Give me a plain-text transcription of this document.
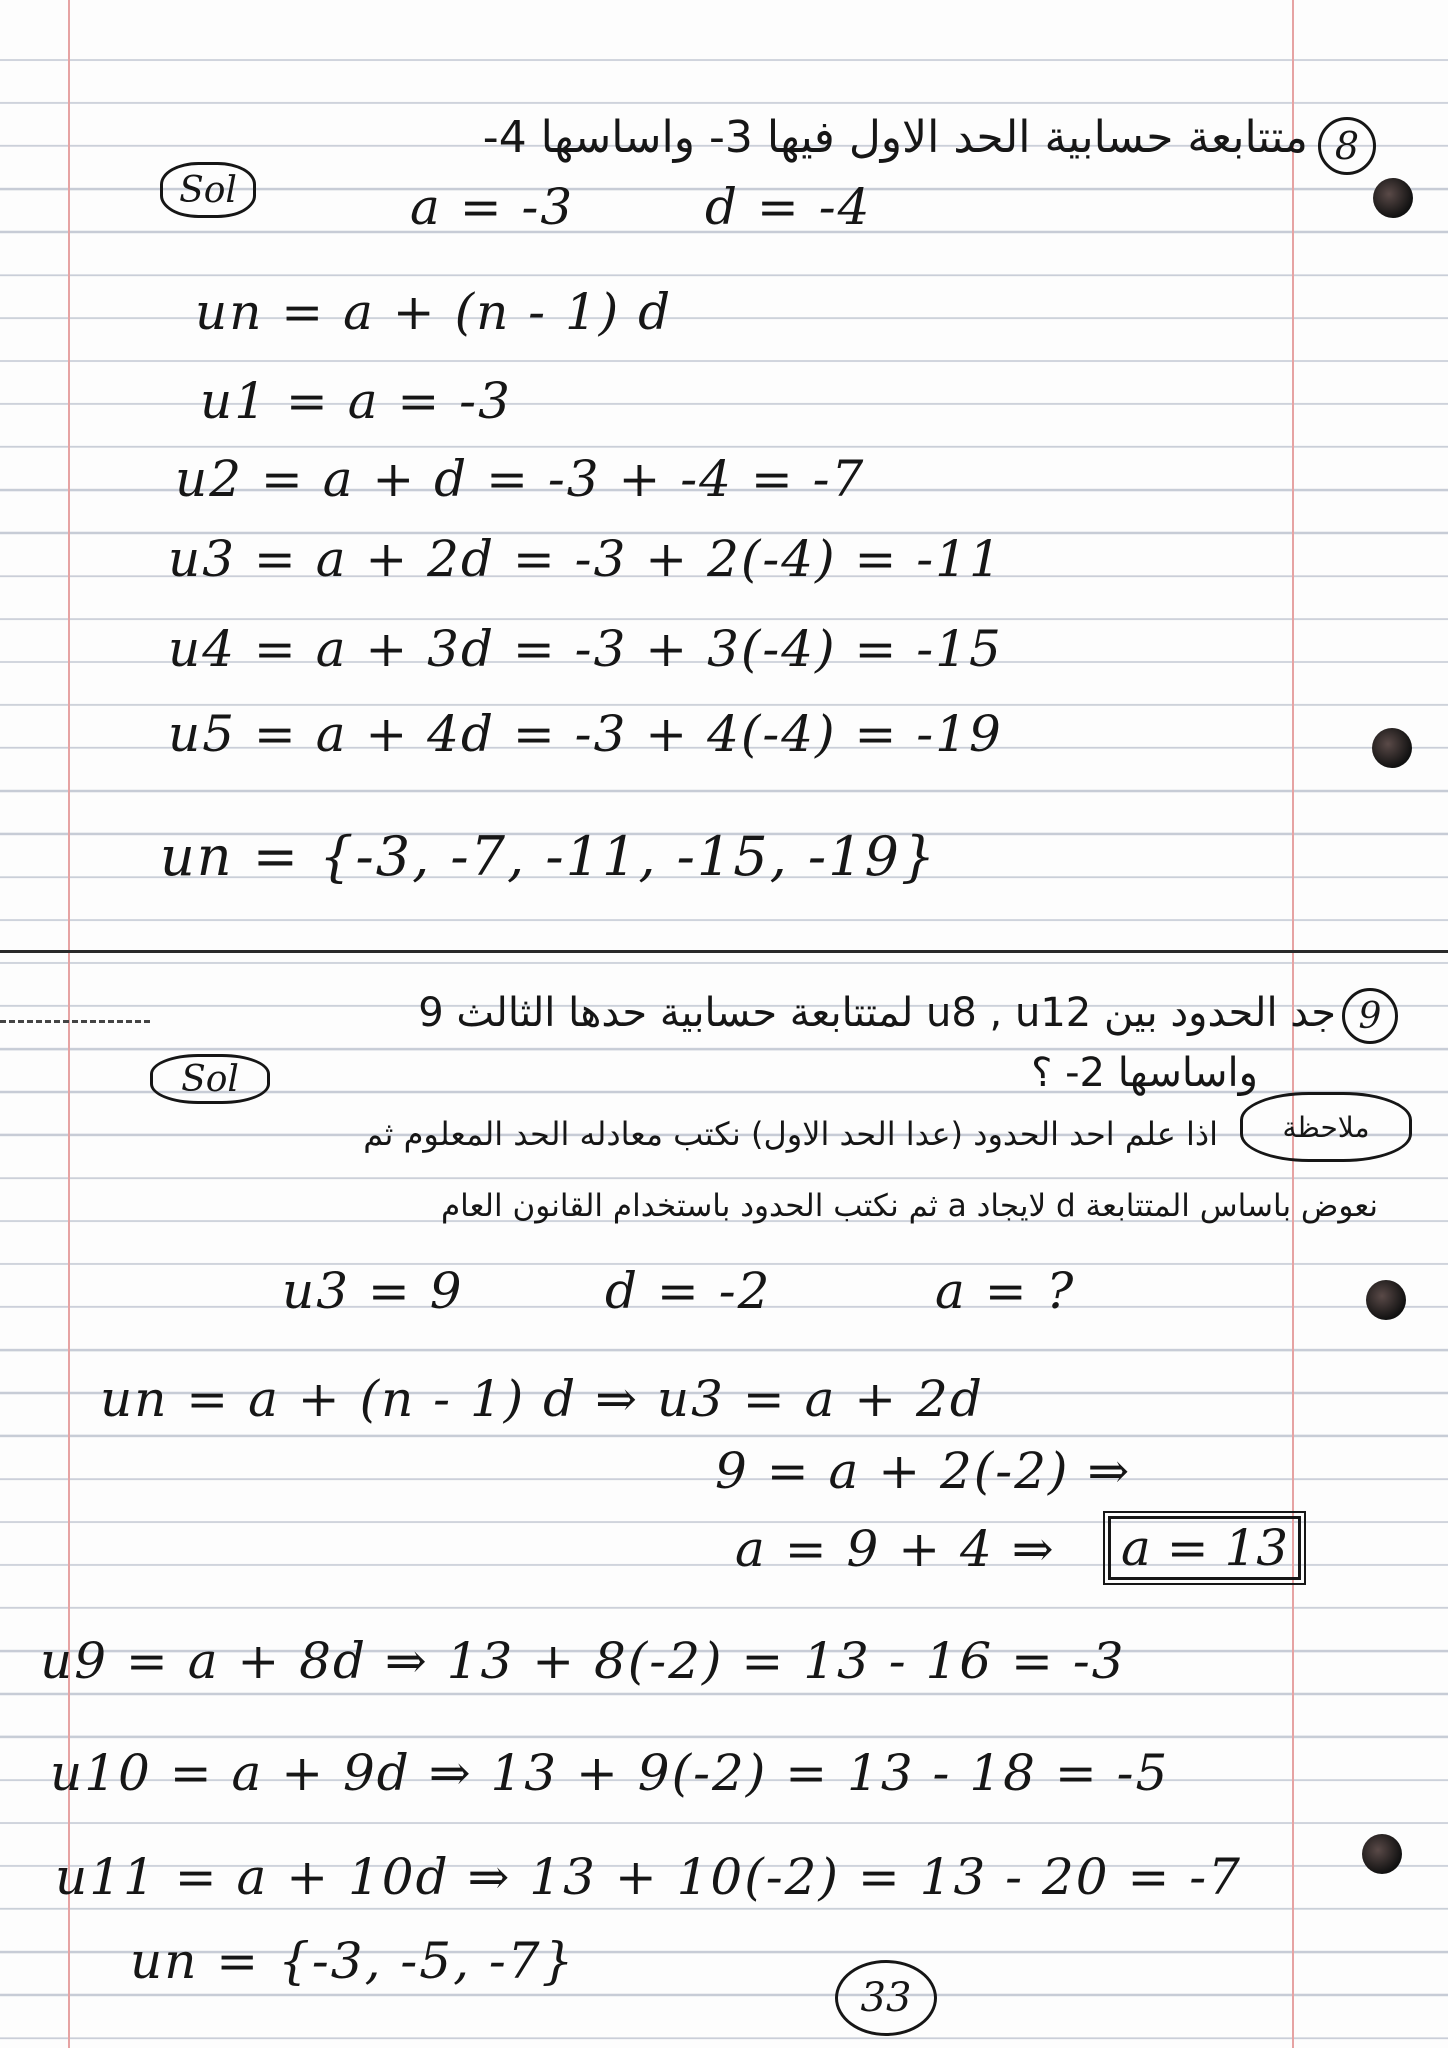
8
متتابعة حسابية الحد الاول فيها 3- واساسها 4-
Sol	a = -3	d = -4
un = a + (n - 1) d
u1 = a = -3
u2 = a + d = -3 + -4 = -7
u3 = a + 2d = -3 + 2(-4) = -11
u4 = a + 3d = -3 + 3(-4) = -15
u5 = a + 4d = -3 + 4(-4) = -19
un = {-3, -7, -11, -15, -19}
9
جد الحدود بين u8 , u12 لمتتابعة حسابية حدها الثالث 9
واساسها 2- ؟
Sol
ملاحظة
اذا علم احد الحدود (عدا الحد الاول) نكتب معادله الحد المعلوم ثم
نعوض باساس المتتابعة d لايجاد a ثم نكتب الحدود باستخدام القانون العام
u3 = 9	d = -2	a = ?
un = a + (n - 1) d ⇒ u3 = a + 2d
9 = a + 2(-2) ⇒
a = 9 + 4 ⇒ a = 13
u9 = a + 8d ⇒ 13 + 8(-2) = 13 - 16 = -3
u10 = a + 9d ⇒ 13 + 9(-2) = 13 - 18 = -5
u11 = a + 10d ⇒ 13 + 10(-2) = 13 - 20 = -7
un = {-3, -5, -7}
33
